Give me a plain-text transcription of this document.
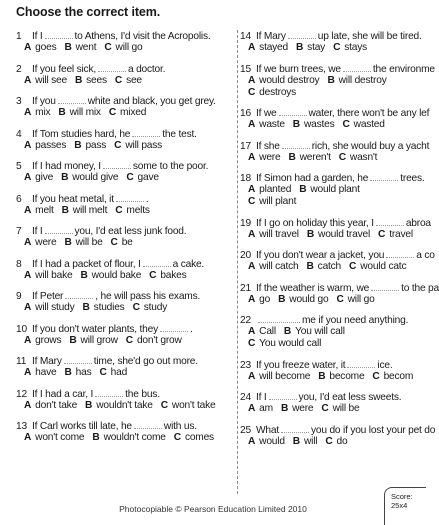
Choose the correct item.
1 If I	to Athens, I'd visit the Acropolis.
A goes B went C will go
2 If you feel sick,	a doctor.
A will see B sees C see
3 If you	white and black, you get grey.
A mix B will mix C mixed
4 If Tom studies hard, he	the test.
A passes B pass C will pass
5 If I had money, I	some to the poor.
A give B would give C gave
6 If you heat metal, it	.
A melt B will melt C melts
7 If I	you, I'd eat less junk food.
A were B will be C be
8 If I had a packet of flour, I	a cake.
A will bake B would bake C bakes
9 If Peter	, he will pass his exams.
A will study B studies C study
10 If you don't water plants, they	.
A grows B will grow C don't grow
11 If Mary	time, she'd go out more.
A have B has C had
12 If I had a car, I	the bus.
A don't take B wouldn't take C won't take
13 If Carl works till late, he	with us.
A won't come B wouldn't come C comes
14 If Mary	up late, she will be tired.
A stayed B stay C stays
15 If we burn trees, we	the environme
A would destroy B will destroy
C destroys
16 If we	water, there won't be any lef
A waste B wastes C wasted
17 If she	rich, she would buy a yacht
A were B weren't C wasn't
18 If Simon had a garden, he	trees.
A planted B would plant
C will plant
19 If I go on holiday this year, I	abroa
A will travel B would travel C travel
20 If you don't wear a jacket, you	a co
A will catch B catch C would catc
21 If the weather is warm, we	to the pa
A go B would go C will go
22	me if you need anything.
A Call B You will call
C You would call
23 If you freeze water, it	ice.
A will become B become C becom
24 If I	you, I'd eat less sweets.
A am B were C will be
25 What	you do if you lost your pet do
A would B will C do
Score:
25x4
Photocopiable © Pearson Education Limited 2010
